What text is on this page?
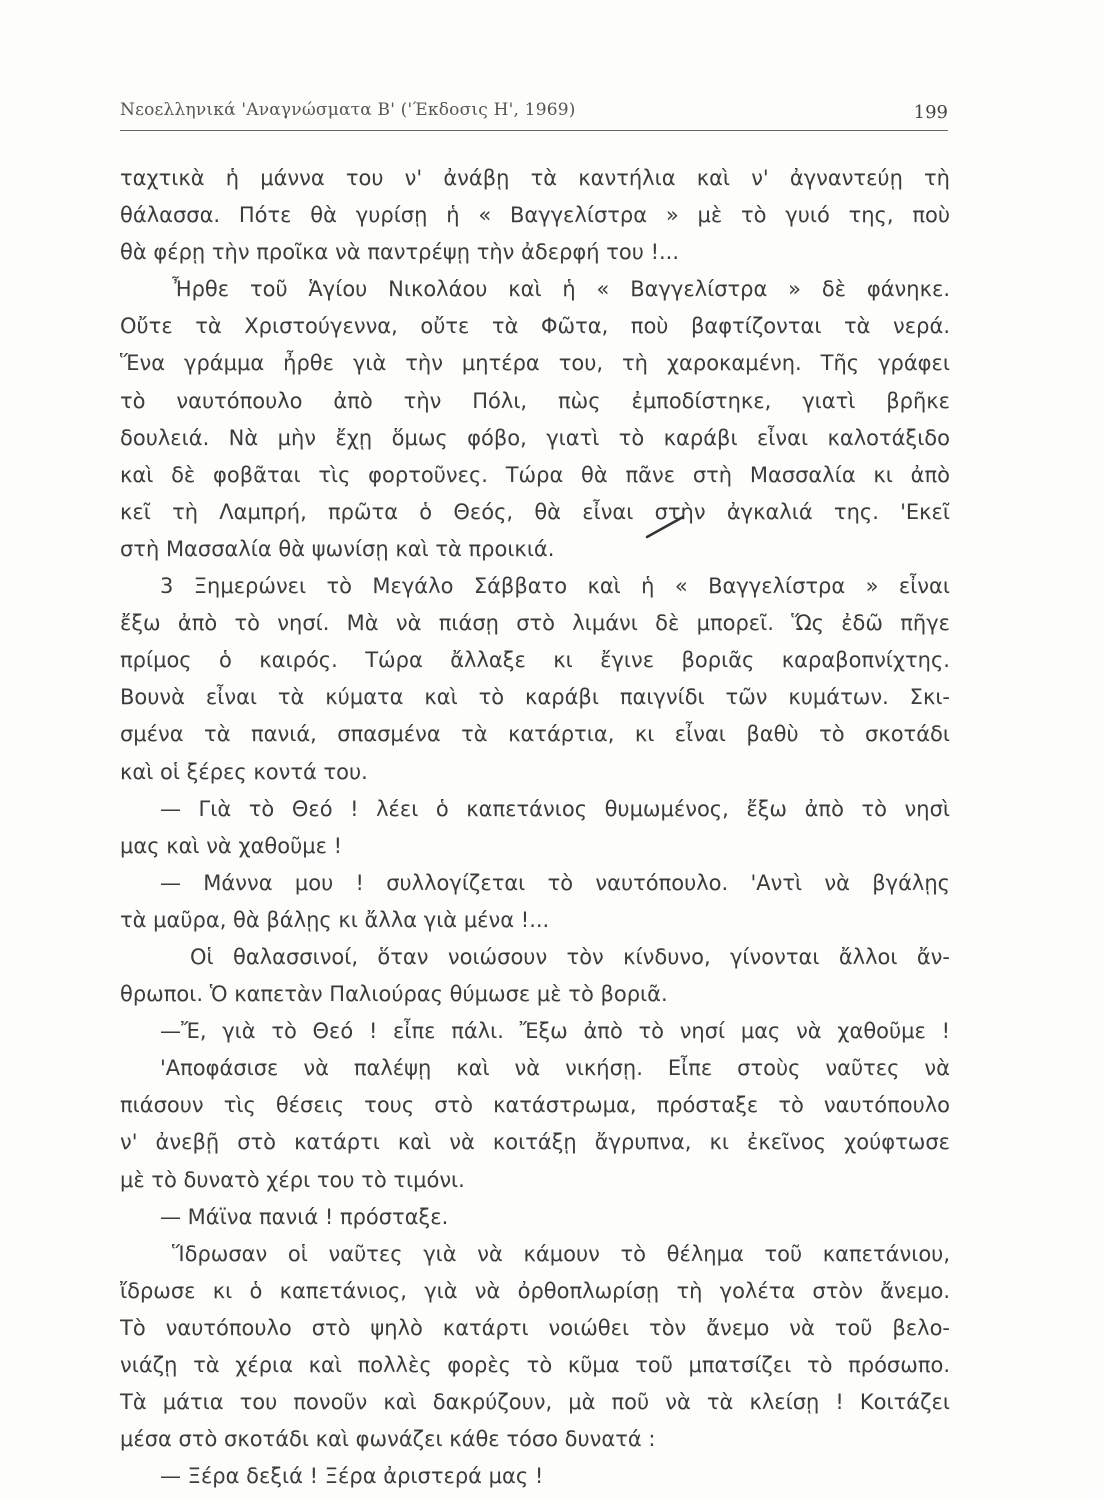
Νεοελληνικά 'Αναγνώσματα Β' ('Έκδοσις Η', 1969)	199
ταχτικὰ ἡ μάννα του ν' ἀνάβῃ τὰ καντήλια καὶ ν' ἀγναντεύῃ τὴ
θάλασσα. Πότε θὰ γυρίσῃ ἡ « Βαγγελίστρα » μὲ τὸ γυιό της, ποὺ
θὰ φέρῃ τὴν προῖκα νὰ παντρέψῃ τὴν ἀδερφή του !...
Ἦρθε τοῦ Ἁγίου Νικολάου καὶ ἡ « Βαγγελίστρα » δὲ φάνηκε.
Οὔτε τὰ Χριστούγεννα, οὔτε τὰ Φῶτα, ποὺ βαφτίζονται τὰ νερά.
Ἕνα γράμμα ἦρθε γιὰ τὴν μητέρα του, τὴ χαροκαμένη. Τῆς γράφει
τὸ ναυτόπουλο ἀπὸ τὴν Πόλι, πὼς ἐμποδίστηκε, γιατὶ βρῆκε
δουλειά. Νὰ μὴν ἔχῃ ὅμως φόβο, γιατὶ τὸ καράβι εἶναι καλοτάξιδο
καὶ δὲ φοβᾶται τὶς φορτοῦνες. Τώρα θὰ πᾶνε στὴ Μασσαλία κι ἀπὸ
κεῖ τὴ Λαμπρή, πρῶτα ὁ Θεός, θὰ εἶναι στὴν ἀγκαλιά της. 'Εκεῖ
στὴ Μασσαλία θὰ ψωνίσῃ καὶ τὰ προικιά.
3 Ξημερώνει τὸ Μεγάλο Σάββατο καὶ ἡ « Βαγγελίστρα » εἶναι
ἔξω ἀπὸ τὸ νησί. Μὰ νὰ πιάσῃ στὸ λιμάνι δὲ μπορεῖ. Ὥς ἐδῶ πῆγε
πρίμος ὁ καιρός. Τώρα ἄλλαξε κι ἔγινε βοριᾶς καραβοπνίχτης.
Βουνὰ εἶναι τὰ κύματα καὶ τὸ καράβι παιγνίδι τῶν κυμάτων. Σκι-
σμένα τὰ πανιά, σπασμένα τὰ κατάρτια, κι εἶναι βαθὺ τὸ σκοτάδι
καὶ οἱ ξέρες κοντά του.
— Γιὰ τὸ Θεό ! λέει ὁ καπετάνιος θυμωμένος, ἔξω ἀπὸ τὸ νησὶ
μας καὶ νὰ χαθοῦμε !
— Μάννα μου ! συλλογίζεται τὸ ναυτόπουλο. 'Αντὶ νὰ βγάλῃς
τὰ μαῦρα, θὰ βάλῃς κι ἄλλα γιὰ μένα !...
Οἱ θαλασσινοί, ὅταν νοιώσουν τὸν κίνδυνο, γίνονται ἄλλοι ἄν-
θρωποι. Ὁ καπετὰν Παλιούρας θύμωσε μὲ τὸ βοριᾶ.
—Ἔ, γιὰ τὸ Θεό ! εἶπε πάλι. Ἔξω ἀπὸ τὸ νησί μας νὰ χαθοῦμε !
'Αποφάσισε νὰ παλέψῃ καὶ νὰ νικήσῃ. Εἶπε στοὺς ναῦτες νὰ
πιάσουν τὶς θέσεις τους στὸ κατάστρωμα, πρόσταξε τὸ ναυτόπουλο
ν' ἀνεβῇ στὸ κατάρτι καὶ νὰ κοιτάξῃ ἄγρυπνα, κι ἐκεῖνος χούφτωσε
μὲ τὸ δυνατὸ χέρι του τὸ τιμόνι.
— Μάϊνα πανιά ! πρόσταξε.
Ἵδρωσαν οἱ ναῦτες γιὰ νὰ κάμουν τὸ θέλημα τοῦ καπετάνιου,
ἴδρωσε κι ὁ καπετάνιος, γιὰ νὰ ὀρθοπλωρίσῃ τὴ γολέτα στὸν ἄνεμο.
Τὸ ναυτόπουλο στὸ ψηλὸ κατάρτι νοιώθει τὸν ἄνεμο νὰ τοῦ βελο-
νιάζῃ τὰ χέρια καὶ πολλὲς φορὲς τὸ κῦμα τοῦ μπατσίζει τὸ πρόσωπο.
Τὰ μάτια του πονοῦν καὶ δακρύζουν, μὰ ποῦ νὰ τὰ κλείσῃ ! Κοιτάζει
μέσα στὸ σκοτάδι καὶ φωνάζει κάθε τόσο δυνατά :
— Ξέρα δεξιά ! Ξέρα ἀριστερά μας !
